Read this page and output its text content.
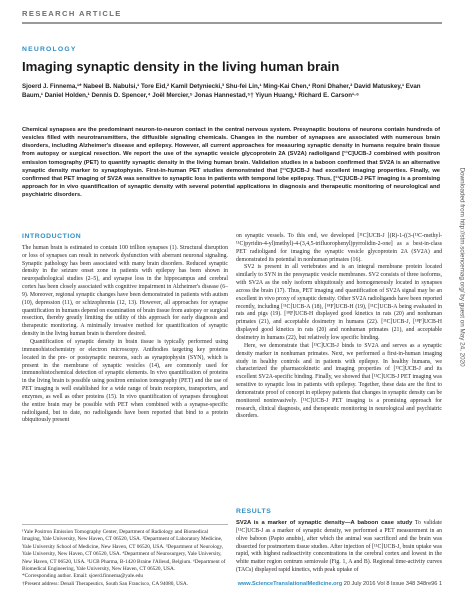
RESEARCH ARTICLE
NEUROLOGY
Imaging synaptic density in the living human brain
Sjoerd J. Finnema,¹* Nabeel B. Nabulsi,¹ Tore Eid,² Kamil Detyniecki,³ Shu-fei Lin,¹ Ming-Kai Chen,¹ Roni Dhaher,² David Matuskey,¹ Evan Baum,¹ Daniel Holden,¹ Dennis D. Spencer,⁴ Joël Mercier,⁵ Jonas Hannestad,⁵† Yiyun Huang,¹ Richard E. Carson¹·⁶
Chemical synapses are the predominant neuron-to-neuron contact in the central nervous system. Presynaptic boutons of neurons contain hundreds of vesicles filled with neurotransmitters, the diffusible signaling chemicals. Changes in the number of synapses are associated with numerous brain disorders, including Alzheimer's disease and epilepsy. However, all current approaches for measuring synaptic density in humans require brain tissue from autopsy or surgical resection. We report the use of the synaptic vesicle glycoprotein 2A (SV2A) radioligand [¹¹C]UCB-J combined with positron emission tomography (PET) to quantify synaptic density in the living human brain. Validation studies in a baboon confirmed that SV2A is an alternative synaptic density marker to synaptophysin. First-in-human PET studies demonstrated that [¹¹C]UCB-J had excellent imaging properties. Finally, we confirmed that PET imaging of SV2A was sensitive to synaptic loss in patients with temporal lobe epilepsy. Thus, [¹¹C]UCB-J PET imaging is a promising approach for in vivo quantification of synaptic density with several potential applications in diagnosis and therapeutic monitoring of neurological and psychiatric disorders.	Downloaded from http://stm.sciencemag.org/ by guest on May 24, 2020
INTRODUCTION

The human brain is estimated to contain 100 trillion synapses (1). Structural disruption or loss of synapses can result in network dysfunction with aberrant neuronal signaling. Synaptic pathology has been associated with many brain disorders. Reduced synaptic density in the seizure onset zone in patients with epilepsy has been shown in neuropathological studies (2–5), and synapse loss in the hippocampus and cerebral cortex has been closely associated with cognitive impairment in Alzheimer's disease (6–9). Moreover, regional synaptic changes have been demonstrated in patients with autism (10), depression (11), or schizophrenia (12, 13). However, all approaches for synapse quantification in humans depend on examination of brain tissue from autopsy or surgical resection, thereby greatly limiting the utility of this approach for early diagnosis and therapeutic monitoring. A minimally invasive method for quantification of synaptic density in the living human brain is therefore desired.

Quantification of synaptic density in brain tissue is typically performed using immunohistochemistry or electron microscopy. Antibodies targeting key proteins located in the pre- or postsynaptic neurons, such as synaptophysin (SYN), which is present in the membrane of synaptic vesicles (14), are commonly used for immunohistochemical detection of synaptic elements. In vivo quantification of proteins in the living brain is possible using positron emission tomography (PET) and the use of PET imaging is well established for a wide range of brain receptors, transporters, and enzymes, as well as other proteins (15). In vivo quantification of synapses throughout the entire brain may be possible with PET when combined with a synapse-specific radioligand, but to date, no radioligands have been reported that bind to a protein ubiquitously present

on synaptic vessels. To this end, we developed [¹¹C]UCB-J [(R)-1-((3-(¹¹C-methyl-¹¹C)pyridin-4-yl)methyl)-4-(3,4,5-trifluorophenyl)pyrrolidin-2-one] as a best-in-class PET radioligand for imaging the synaptic vesicle glycoprotein 2A (SV2A) and demonstrated its potential in nonhuman primates (16).

SV2 is present in all vertebrates and is an integral membrane protein located similarly to SYN in the presynaptic vesicle membranes. SV2 consists of three isoforms, with SV2A as the only isoform ubiquitously and homogeneously located in synapses across the brain (17). Thus, PET imaging and quantification of SV2A signal may be an excellent in vivo proxy of synaptic density. Other SV2A radioligands have been reported recently, including [¹¹C]UCB-A (18), [¹⁸F]UCB-H (19), [¹¹C]UCB-A being evaluated in rats and pigs (19). [¹⁸F]UCB-H displayed good kinetics in rats (20) and nonhuman primates (21), and acceptable dosimetry in humans (22). [¹¹C]UCB-J, [¹⁸F]UCB-H displayed good kinetics in rats (20) and nonhuman primates (21), and acceptable dosimetry in humans (22), but relatively low specific binding.

Here, we demonstrate that [¹¹C]UCB-J binds to SV2A and serves as a synaptic density marker in nonhuman primates. Next, we performed a first-in-human imaging study in healthy controls and in patients with epilepsy. In healthy humans, we characterized the pharmacokinetic and imaging properties of [¹¹C]UCB-J and its excellent SV2A-specific binding. Finally, we showed that [¹¹C]UCB-J PET imaging was sensitive to synaptic loss in patients with epilepsy. Together, these data are the first to demonstrate proof of concept in epilepsy patients that changes in synaptic density can be monitored noninvasively. [¹¹C]UCB-J PET imaging is a promising approach for research, clinical diagnosis, and therapeutic monitoring in neurological and psychiatric disorders.

¹Yale Positron Emission Tomography Center, Department of Radiology and Biomedical Imaging, Yale University, New Haven, CT 06520, USA. ²Department of Laboratory Medicine, Yale University School of Medicine, New Haven, CT 06520, USA. ³Department of Neurology, Yale University, New Haven, CT 06520, USA. ⁴Department of Neurosurgery, Yale University, New Haven, CT 06520, USA. ⁵UCB Pharma, B-1420 Braine l'Alleud, Belgium. ⁶Department of Biomedical Engineering, Yale University, New Haven, CT 06520, USA.
*Corresponding author. Email: sjoerd.finnema@yale.edu
†Present address: Denali Therapeutics, South San Francisco, CA 94080, USA.
RESULTS
SV2A is a marker of synaptic density—A baboon case study To validate [¹¹C]UCB-J as a marker of synaptic density, we performed a PET measurement in an olive baboon (Papio anubis), after which the animal was sacrificed and the brain was dissected for postmortem tissue studies. After injection of [¹¹C]UCB-J, brain uptake was rapid, with highest radioactivity concentrations in the cerebral cortex and lowest in the white matter region centrum semiovale (Fig. 1, A and B). Regional time-activity curves (TACs) displayed rapid kinetics, with peak uptake of
www.ScienceTranslationalMedicine.org 20 July 2016 Vol 8 Issue 348 348re96 1
